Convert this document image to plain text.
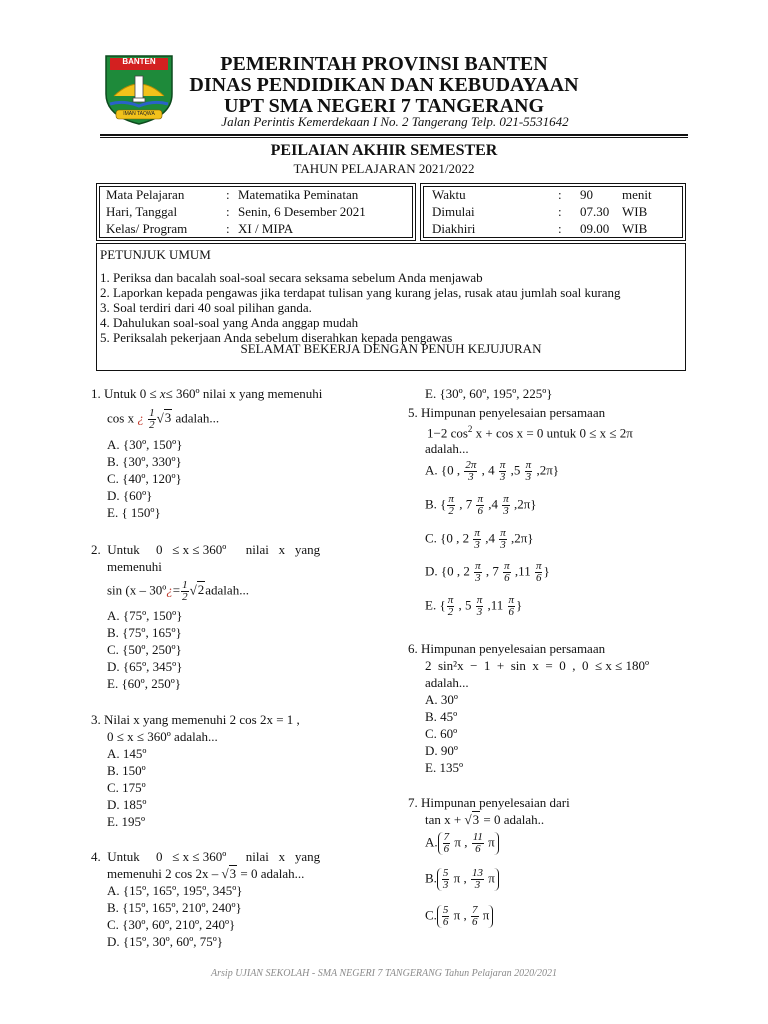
BANTEN
IMAN TAQWA
PEMERINTAH PROVINSI BANTEN
DINAS PENDIDIKAN DAN KEBUDAYAAN
UPT SMA NEGERI 7 TANGERANG
Jalan Perintis Kemerdekaan I No. 2 Tangerang Telp. 021-5531642
PEILAIAN AKHIR SEMESTER
TAHUN PELAJARAN 2021/2022
Mata Pelajaran	: Matematika Peminatan
Hari, Tanggal	: Senin, 6 Desember 2021
Kelas/ Program	: XI / MIPA
Waktu	: 90 menit
Dimulai	: 07.30 WIB
Diakhiri	: 09.00 WIB
PETUNJUK UMUM
1. Periksa dan bacalah soal-soal secara seksama sebelum Anda menjawab
2. Laporkan kepada pengawas jika terdapat tulisan yang kurang jelas, rusak atau jumlah soal kurang
3. Soal terdiri dari 40 soal pilihan ganda.
4. Dahulukan soal-soal yang Anda anggap mudah
5. Periksalah pekerjaan Anda sebelum diserahkan kepada pengawas
SELAMAT BEKERJA DENGAN PENUH KEJUJURAN
1. Untuk 0 ≤ x≤ 360º nilai x yang memenuhi
cos x ¿ $\frac{1}{2} √3$ adalah...
A. {30º, 150º}
B. {30º, 330º}
C. {40º, 120º}
D. {60º}
E. { 150º}
2.  Untuk     0   ≤ x ≤ 360º      nilai   x   yang
memenuhi
sin (x – 30º¿= $\frac{1}{2}$ √2adalah...
A. {75º, 150º}
B. {75º, 165º}
C. {50º, 250º}
D. {65º, 345º}
E. {60º, 250º}
3. Nilai x yang memenuhi 2 cos 2x = 1 ,
0 ≤ x ≤ 360º adalah...
A. 145º
B. 150º
C. 175º
D. 185º
E. 195º
4.  Untuk     0   ≤ x ≤ 360º      nilai   x   yang
memenuhi 2 cos 2x – √3 = 0 adalah...
A. {15º, 165º, 195º, 345º}
B. {15º, 165º, 210º, 240º}
C. {30º, 60º, 210º, 240º}
D. {15º, 30º, 60º, 75º}
E. {30º, 60º, 195º, 225º}
5. Himpunan penyelesaian persamaan
1−2 $\cos^2 x + \cos x = 0$ untuk 0 ≤ x ≤ 2π
adalah...
A. {0 , $\frac{2\pi}{3}$ , $4 \frac{\pi}{3} ,5 \frac{\pi}{3} ,2\pi$}
B. { $\frac{\pi}{2}$ , $7 \frac{\pi}{6} ,4 \frac{\pi}{3} ,2\pi$}
C. {0 , $2 \frac{\pi}{3} ,4 \frac{\pi}{3} ,2\pi$}
D. {0 , $2 \frac{\pi}{3}$ , $7 \frac{\pi}{6} ,11 \frac{\pi}{6}$ }
E. { $\frac{\pi}{2}$ , $5 \frac{\pi}{3} ,11 \frac{\pi}{6}$ }
6. Himpunan penyelesaian persamaan
2  sin²x  −  1  +  sin  x  =  0  ,  0  ≤ x ≤ 180º
adalah...
A. 30º
B. 45º
C. 60º
D. 90º
E. 135º
7. Himpunan penyelesaian dari
tan x + √3 = 0 adalah..
A. $\frac{7}{6}$ π , $\frac{11}{6}$ π
B. $\frac{5}{3}$ π , $\frac{13}{3}$ π
C. $\frac{5}{6}$ π , $\frac{7}{6}$ π
Arsip UJIAN SEKOLAH - SMA NEGERI 7 TANGERANG Tahun Pelajaran 2020/2021
